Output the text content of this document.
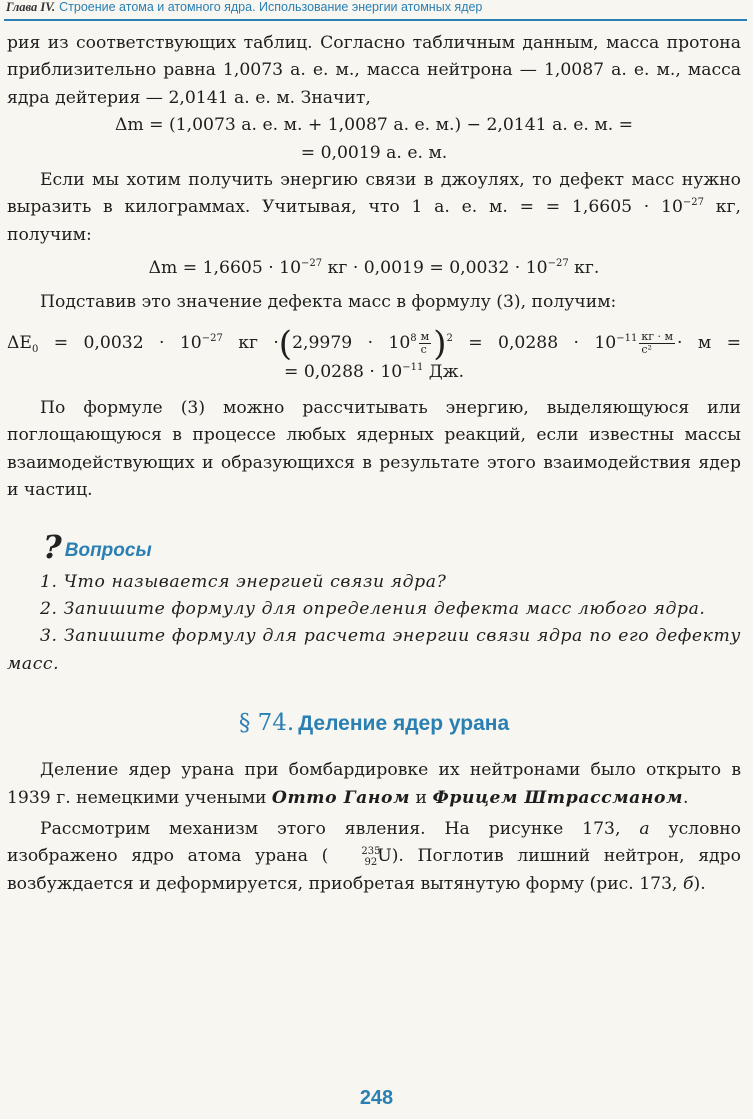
Глава IV. Строение атома и атомного ядра. Использование энергии атомных ядер

рия из соответствующих таблиц. Согласно табличным данным, масса протона приблизительно равна 1,0073 а. е. м., масса нейтрона — 1,0087 а. е. м., масса ядра дейтерия — 2,0141 а. е. м. Значит,

Δm = (1,0073 а. е. м. + 1,0087 а. е. м.) − 2,0141 а. е. м. =
= 0,0019 а. е. м.

Если мы хотим получить энергию связи в джоулях, то дефект масс нужно выразить в килограммах. Учитывая, что 1 а. е. м. = = $1,6605 \cdot 10^{-27}$ кг, получим:

$\Delta m = 1,6605 \cdot 10^{-27}$ кг · $0,0019 = 0,0032 \cdot 10^{-27}$ кг.

Подставив это значение дефекта масс в формулу (3), получим:

$\Delta E_0 = 0,0032 \cdot 10^{-27}$ кг $\cdot(2,9979 \cdot 10^8 \frac{м}{с} )^2 = 0,0288 \cdot 10^{-11} \frac{кг \cdot м}{\text{с²}} \cdot м$ =
= $0,0288 \cdot 10^{-11}$ Дж.

По формуле (3) можно рассчитывать энергию, выделяющуюся или поглощающуюся в процессе любых ядерных реакций, если известны массы взаимодействующих и образующихся в результате этого взаимодействия ядер и частиц.

? Вопросы

1. Что называется энергией связи ядра?

2. Запишите формулу для определения дефекта масс любого ядра.

3. Запишите формулу для расчета энергии связи ядра по его дефекту масс.

§ 74. Деление ядер урана

Деление ядер урана при бомбардировке их нейтронами было открыто в 1939 г. немецкими учеными Отто Ганом и Фрицем Штрассманом.

Рассмотрим механизм этого явления. На рисунке 173, а условно изображено ядро атома урана (	$^{235}_{92}$U). Поглотив лишний нейтрон, ядро возбуждается и деформируется, приобретая вытянутую форму (рис. 173, б).

248
